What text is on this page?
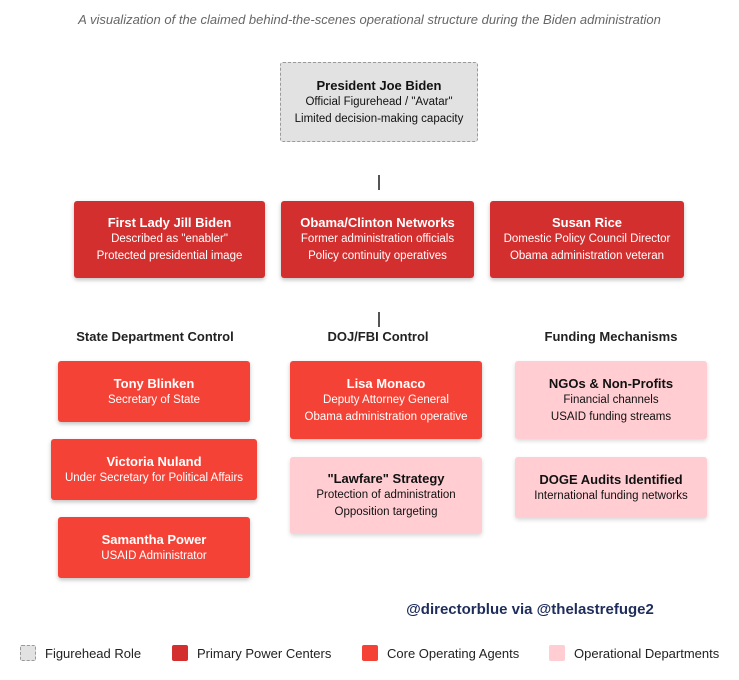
A visualization of the claimed behind-the-scenes operational structure during the Biden administration
President Joe Biden
Official Figurehead / "Avatar"
Limited decision-making capacity
First Lady Jill Biden
Described as "enabler"
Protected presidential image
Obama/Clinton Networks
Former administration officials
Policy continuity operatives
Susan Rice
Domestic Policy Council Director
Obama administration veteran
State Department Control	DOJ/FBI Control	Funding Mechanisms
Tony Blinken
Secretary of State
Victoria Nuland
Under Secretary for Political Affairs
Samantha Power
USAID Administrator
Lisa Monaco
Deputy Attorney General
Obama administration operative
"Lawfare" Strategy
Protection of administration
Opposition targeting
NGOs & Non-Profits
Financial channels
USAID funding streams
DOGE Audits Identified
International funding networks
@directorblue via @thelastrefuge2
Figurehead Role	Primary Power Centers	Core Operating Agents	Operational Departments
